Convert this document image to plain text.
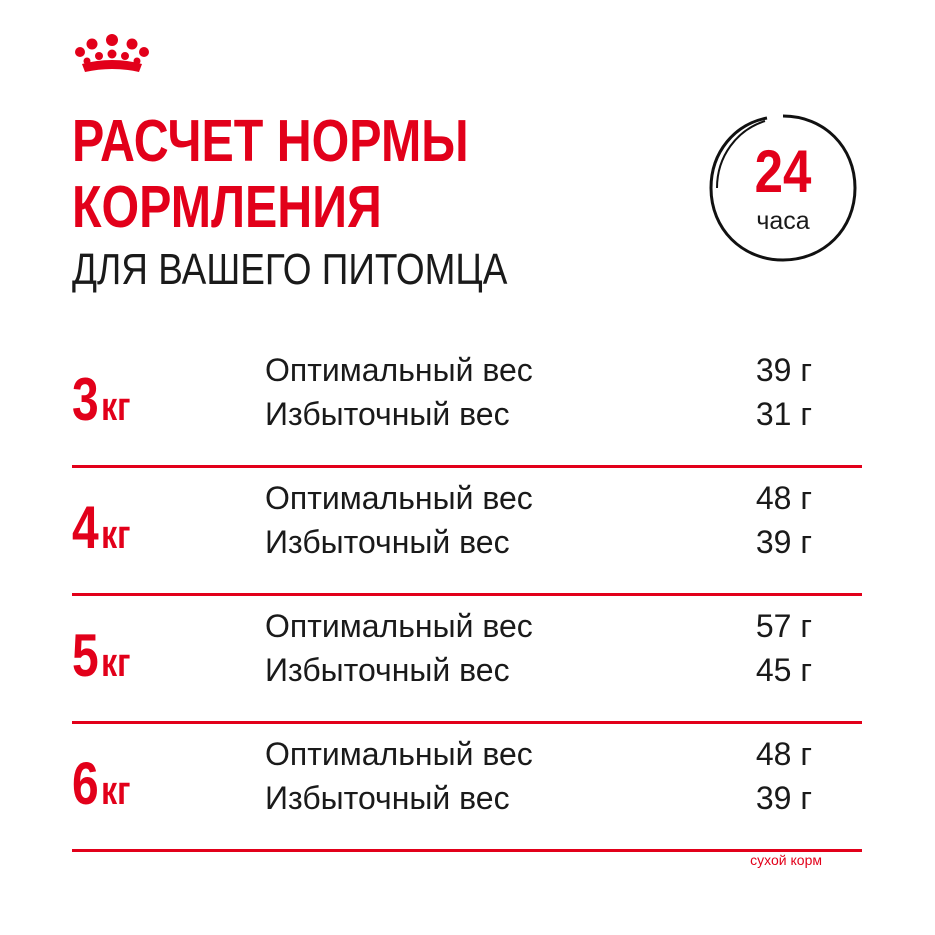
РАСЧЕТ НОРМЫ
КОРМЛЕНИЯ
ДЛЯ ВАШЕГО ПИТОМЦА
24
часа
3кг
Оптимальный вес	39 г
Избыточный вес	31 г
4кг
Оптимальный вес	48 г
Избыточный вес	39 г
5кг
Оптимальный вес	57 г
Избыточный вес	45 г
6кг
Оптимальный вес	48 г
Избыточный вес	39 г
сухой корм
